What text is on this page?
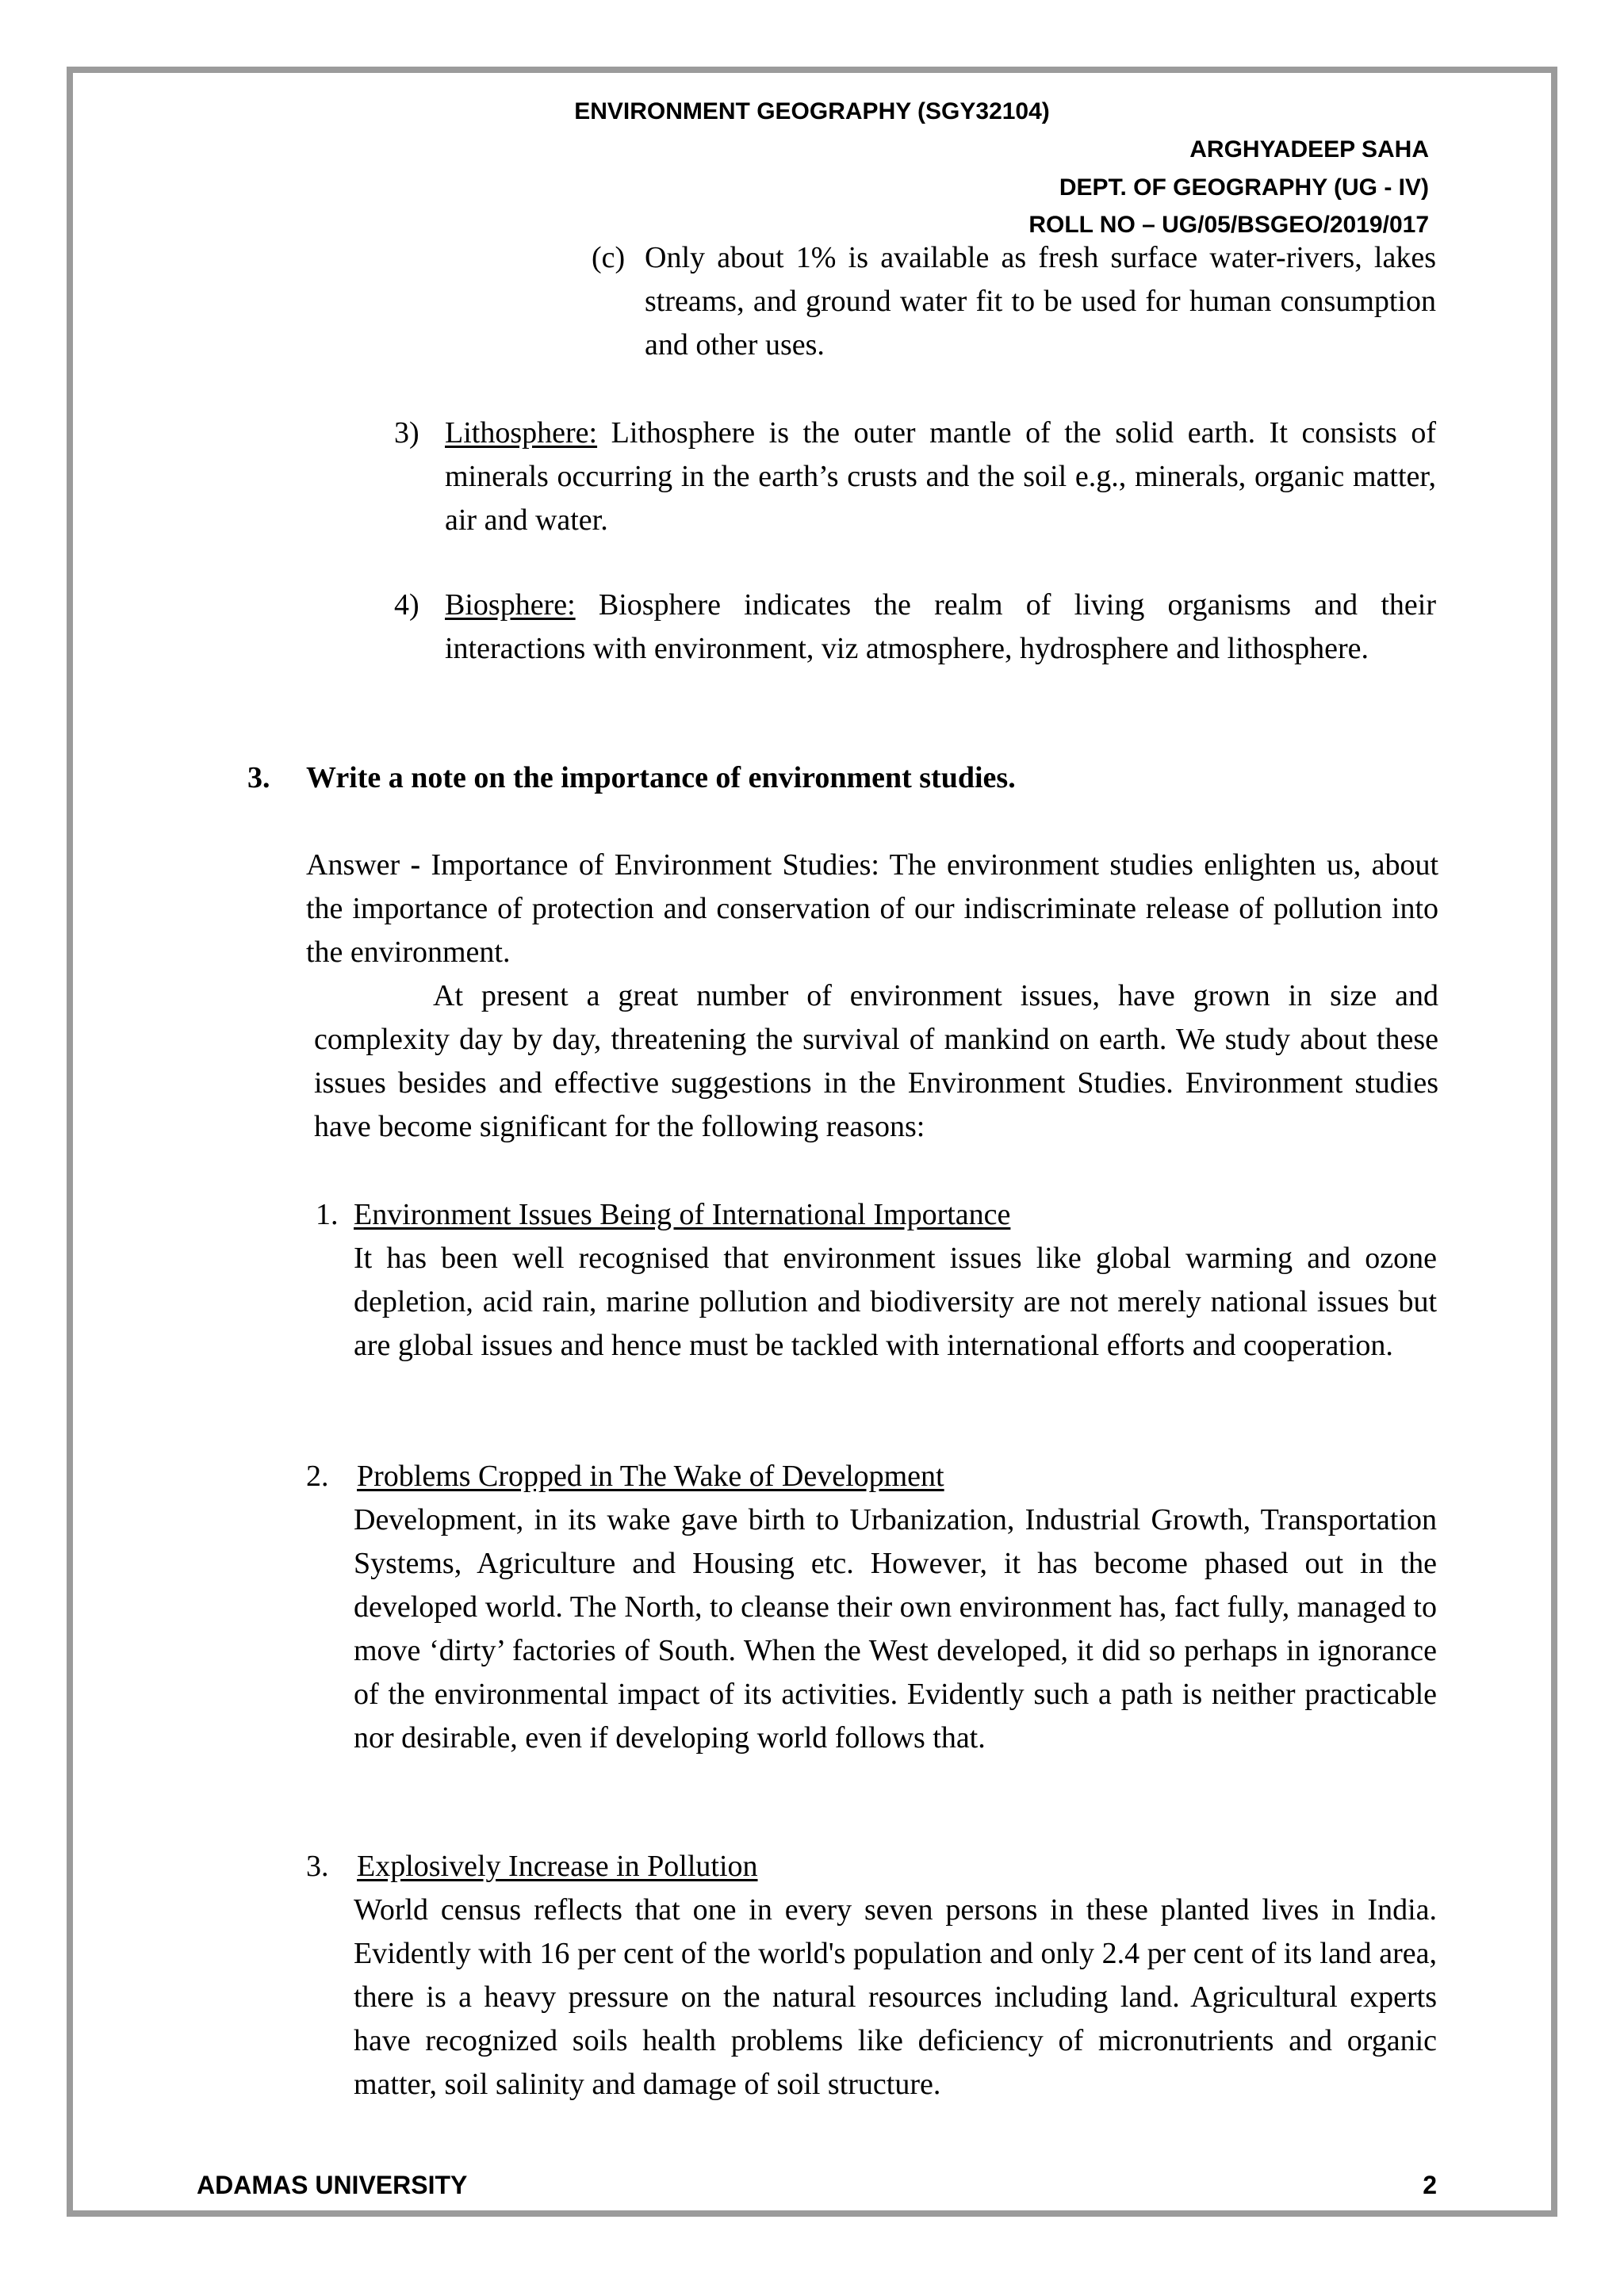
ENVIRONMENT GEOGRAPHY (SGY32104)
ARGHYADEEP SAHA
DEPT. OF GEOGRAPHY (UG - IV)
ROLL NO – UG/05/BSGEO/2019/017
(c) Only about 1% is available as fresh surface water-rivers, lakes streams, and ground water fit to be used for human consumption and other uses.
3) Lithosphere: Lithosphere is the outer mantle of the solid earth. It consists of minerals occurring in the earth’s crusts and the soil e.g., minerals, organic matter, air and water.
4) Biosphere: Biosphere indicates the realm of living organisms and their interactions with environment, viz atmosphere, hydrosphere and lithosphere.
3. Write a note on the importance of environment studies.
Answer - Importance of Environment Studies: The environment studies enlighten us, about the importance of protection and conservation of our indiscriminate release of pollution into the environment.
At present a great number of environment issues, have grown in size and complexity day by day, threatening the survival of mankind on earth. We study about these issues besides and effective suggestions in the Environment Studies. Environment studies have become significant for the following reasons:
1. Environment Issues Being of International Importance
It has been well recognised that environment issues like global warming and ozone depletion, acid rain, marine pollution and biodiversity are not merely national issues but are global issues and hence must be tackled with international efforts and cooperation.
2. Problems Cropped in The Wake of Development
Development, in its wake gave birth to Urbanization, Industrial Growth, Transportation Systems, Agriculture and Housing etc. However, it has become phased out in the developed world. The North, to cleanse their own environment has, fact fully, managed to move ‘dirty’ factories of South. When the West developed, it did so perhaps in ignorance of the environmental impact of its activities. Evidently such a path is neither practicable nor desirable, even if developing world follows that.
3. Explosively Increase in Pollution
World census reflects that one in every seven persons in these planted lives in India. Evidently with 16 per cent of the world's population and only 2.4 per cent of its land area, there is a heavy pressure on the natural resources including land. Agricultural experts have recognized soils health problems like deficiency of micronutrients and organic matter, soil salinity and damage of soil structure.
ADAMAS UNIVERSITY	2
